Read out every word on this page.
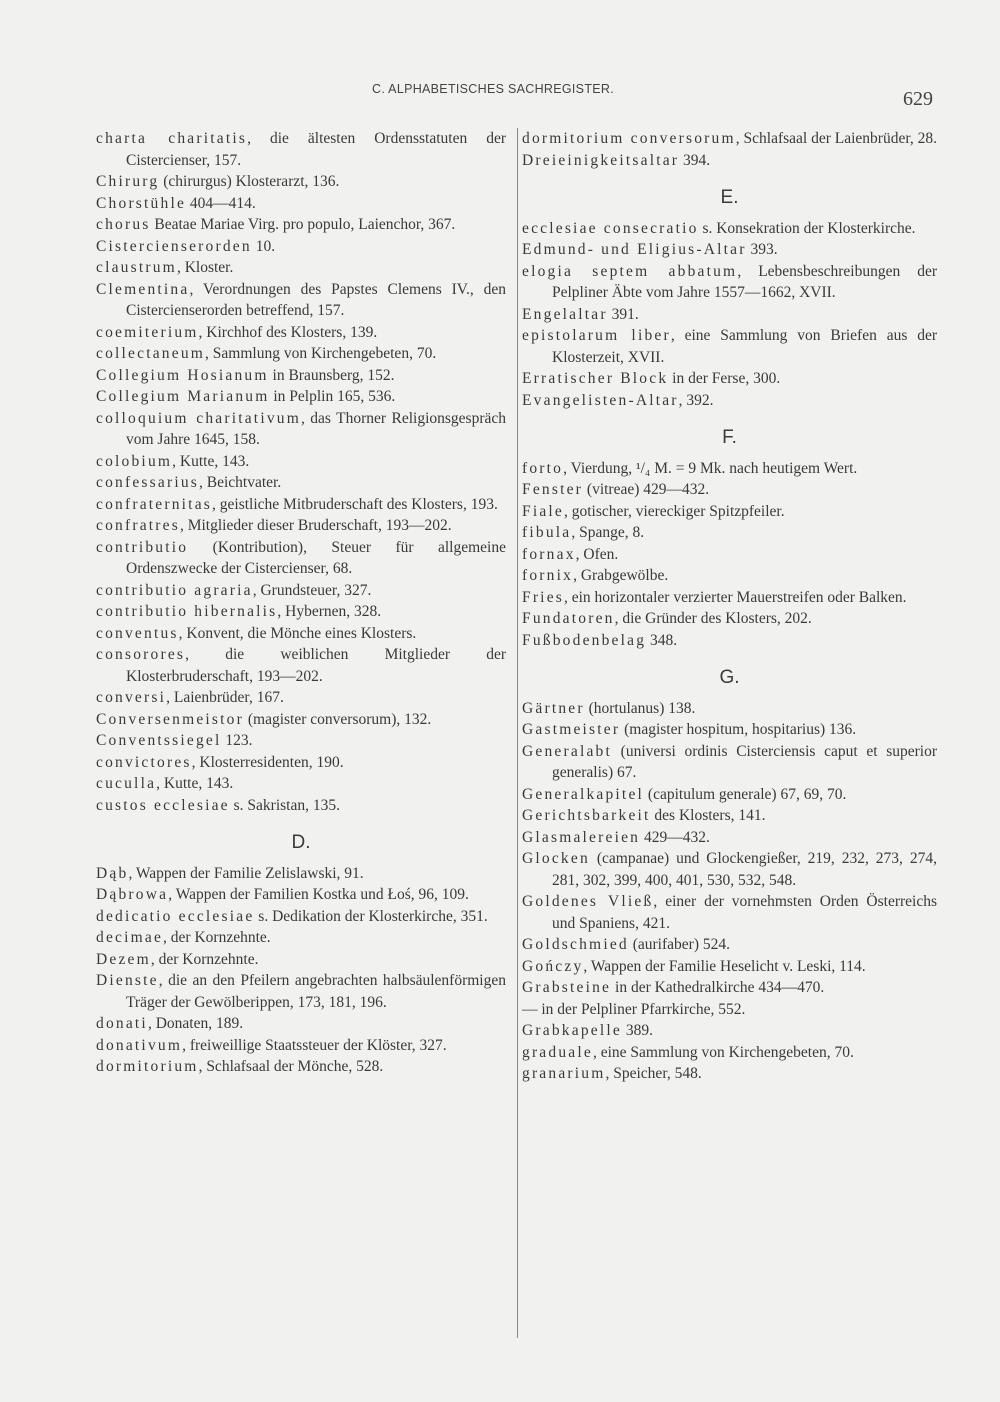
C. ALPHABETISCHES SACHREGISTER.	629
charta charitatis, die ältesten Ordensstatuten der Cistercienser, 157.
Chirurg (chirurgus) Klosterarzt, 136.
Chorstühle 404—414.
chorus Beatae Mariae Virg. pro populo, Laienchor, 367.
Cistercienserorden 10.
claustrum, Kloster.
Clementina, Verordnungen des Papstes Clemens IV., den Cistercienserorden betreffend, 157.
coemiterium, Kirchhof des Klosters, 139.
collectaneum, Sammlung von Kirchengebeten, 70.
Collegium Hosianum in Braunsberg, 152.
Collegium Marianum in Pelplin 165, 536.
colloquium charitativum, das Thorner Religionsgespräch vom Jahre 1645, 158.
colobium, Kutte, 143.
confessarius, Beichtvater.
confraternitas, geistliche Mitbruderschaft des Klosters, 193.
confratres, Mitglieder dieser Bruderschaft, 193—202.
contributio (Kontribution), Steuer für allgemeine Ordenszwecke der Cistercienser, 68.
contributio agraria, Grundsteuer, 327.
contributio hibernalis, Hybernen, 328.
conventus, Konvent, die Mönche eines Klosters.
consorores, die weiblichen Mitglieder der Klosterbruderschaft, 193—202.
conversi, Laienbrüder, 167.
Conversenmeistor (magister conversorum), 132.
Conventssiegel 123.
convictores, Klosterresidenten, 190.
cuculla, Kutte, 143.
custos ecclesiae s. Sakristan, 135.
D.
Dąb, Wappen der Familie Zelislawski, 91.
Dąbrowa, Wappen der Familien Kostka und Łoś, 96, 109.
dedicatio ecclesiae s. Dedikation der Klosterkirche, 351.
decimae, der Kornzehnte.
Dezem, der Kornzehnte.
Dienste, die an den Pfeilern angebrachten halbsäulenförmigen Träger der Gewölberippen, 173, 181, 196.
donati, Donaten, 189.
donativum, freiweillige Staatssteuer der Klöster, 327.
dormitorium, Schlafsaal der Mönche, 528.
dormitorium conversorum, Schlafsaal der Laienbrüder, 28.
Dreieinigkeitsaltar 394.
E.
ecclesiae consecratio s. Konsekration der Klosterkirche.
Edmund- und Eligius-Altar 393.
elogia septem abbatum, Lebensbeschreibungen der Pelpliner Äbte vom Jahre 1557—1662, XVII.
Engelaltar 391.
epistolarum liber, eine Sammlung von Briefen aus der Klosterzeit, XVII.
Erratischer Block in der Ferse, 300.
Evangelisten-Altar, 392.
F.
forto, Vierdung, ¹/₄ M. = 9 Mk. nach heutigem Wert.
Fenster (vitreae) 429—432.
Fiale, gotischer, viereckiger Spitzpfeiler.
fibula, Spange, 8.
fornax, Ofen.
fornix, Grabgewölbe.
Fries, ein horizontaler verzierter Mauerstreifen oder Balken.
Fundatoren, die Gründer des Klosters, 202.
Fußbodenbelag 348.
G.
Gärtner (hortulanus) 138.
Gastmeister (magister hospitum, hospitarius) 136.
Generalabt (universi ordinis Cisterciensis caput et superior generalis) 67.
Generalkapitel (capitulum generale) 67, 69, 70.
Gerichtsbarkeit des Klosters, 141.
Glasmalereien 429—432.
Glocken (campanae) und Glockengießer, 219, 232, 273, 274, 281, 302, 399, 400, 401, 530, 532, 548.
Goldenes Vließ, einer der vornehmsten Orden Österreichs und Spaniens, 421.
Goldschmied (aurifaber) 524.
Gończy, Wappen der Familie Heselicht v. Leski, 114.
Grabsteine in der Kathedralkirche 434—470.
— in der Pelpliner Pfarrkirche, 552.
Grabkapelle 389.
graduale, eine Sammlung von Kirchengebeten, 70.
granarium, Speicher, 548.
